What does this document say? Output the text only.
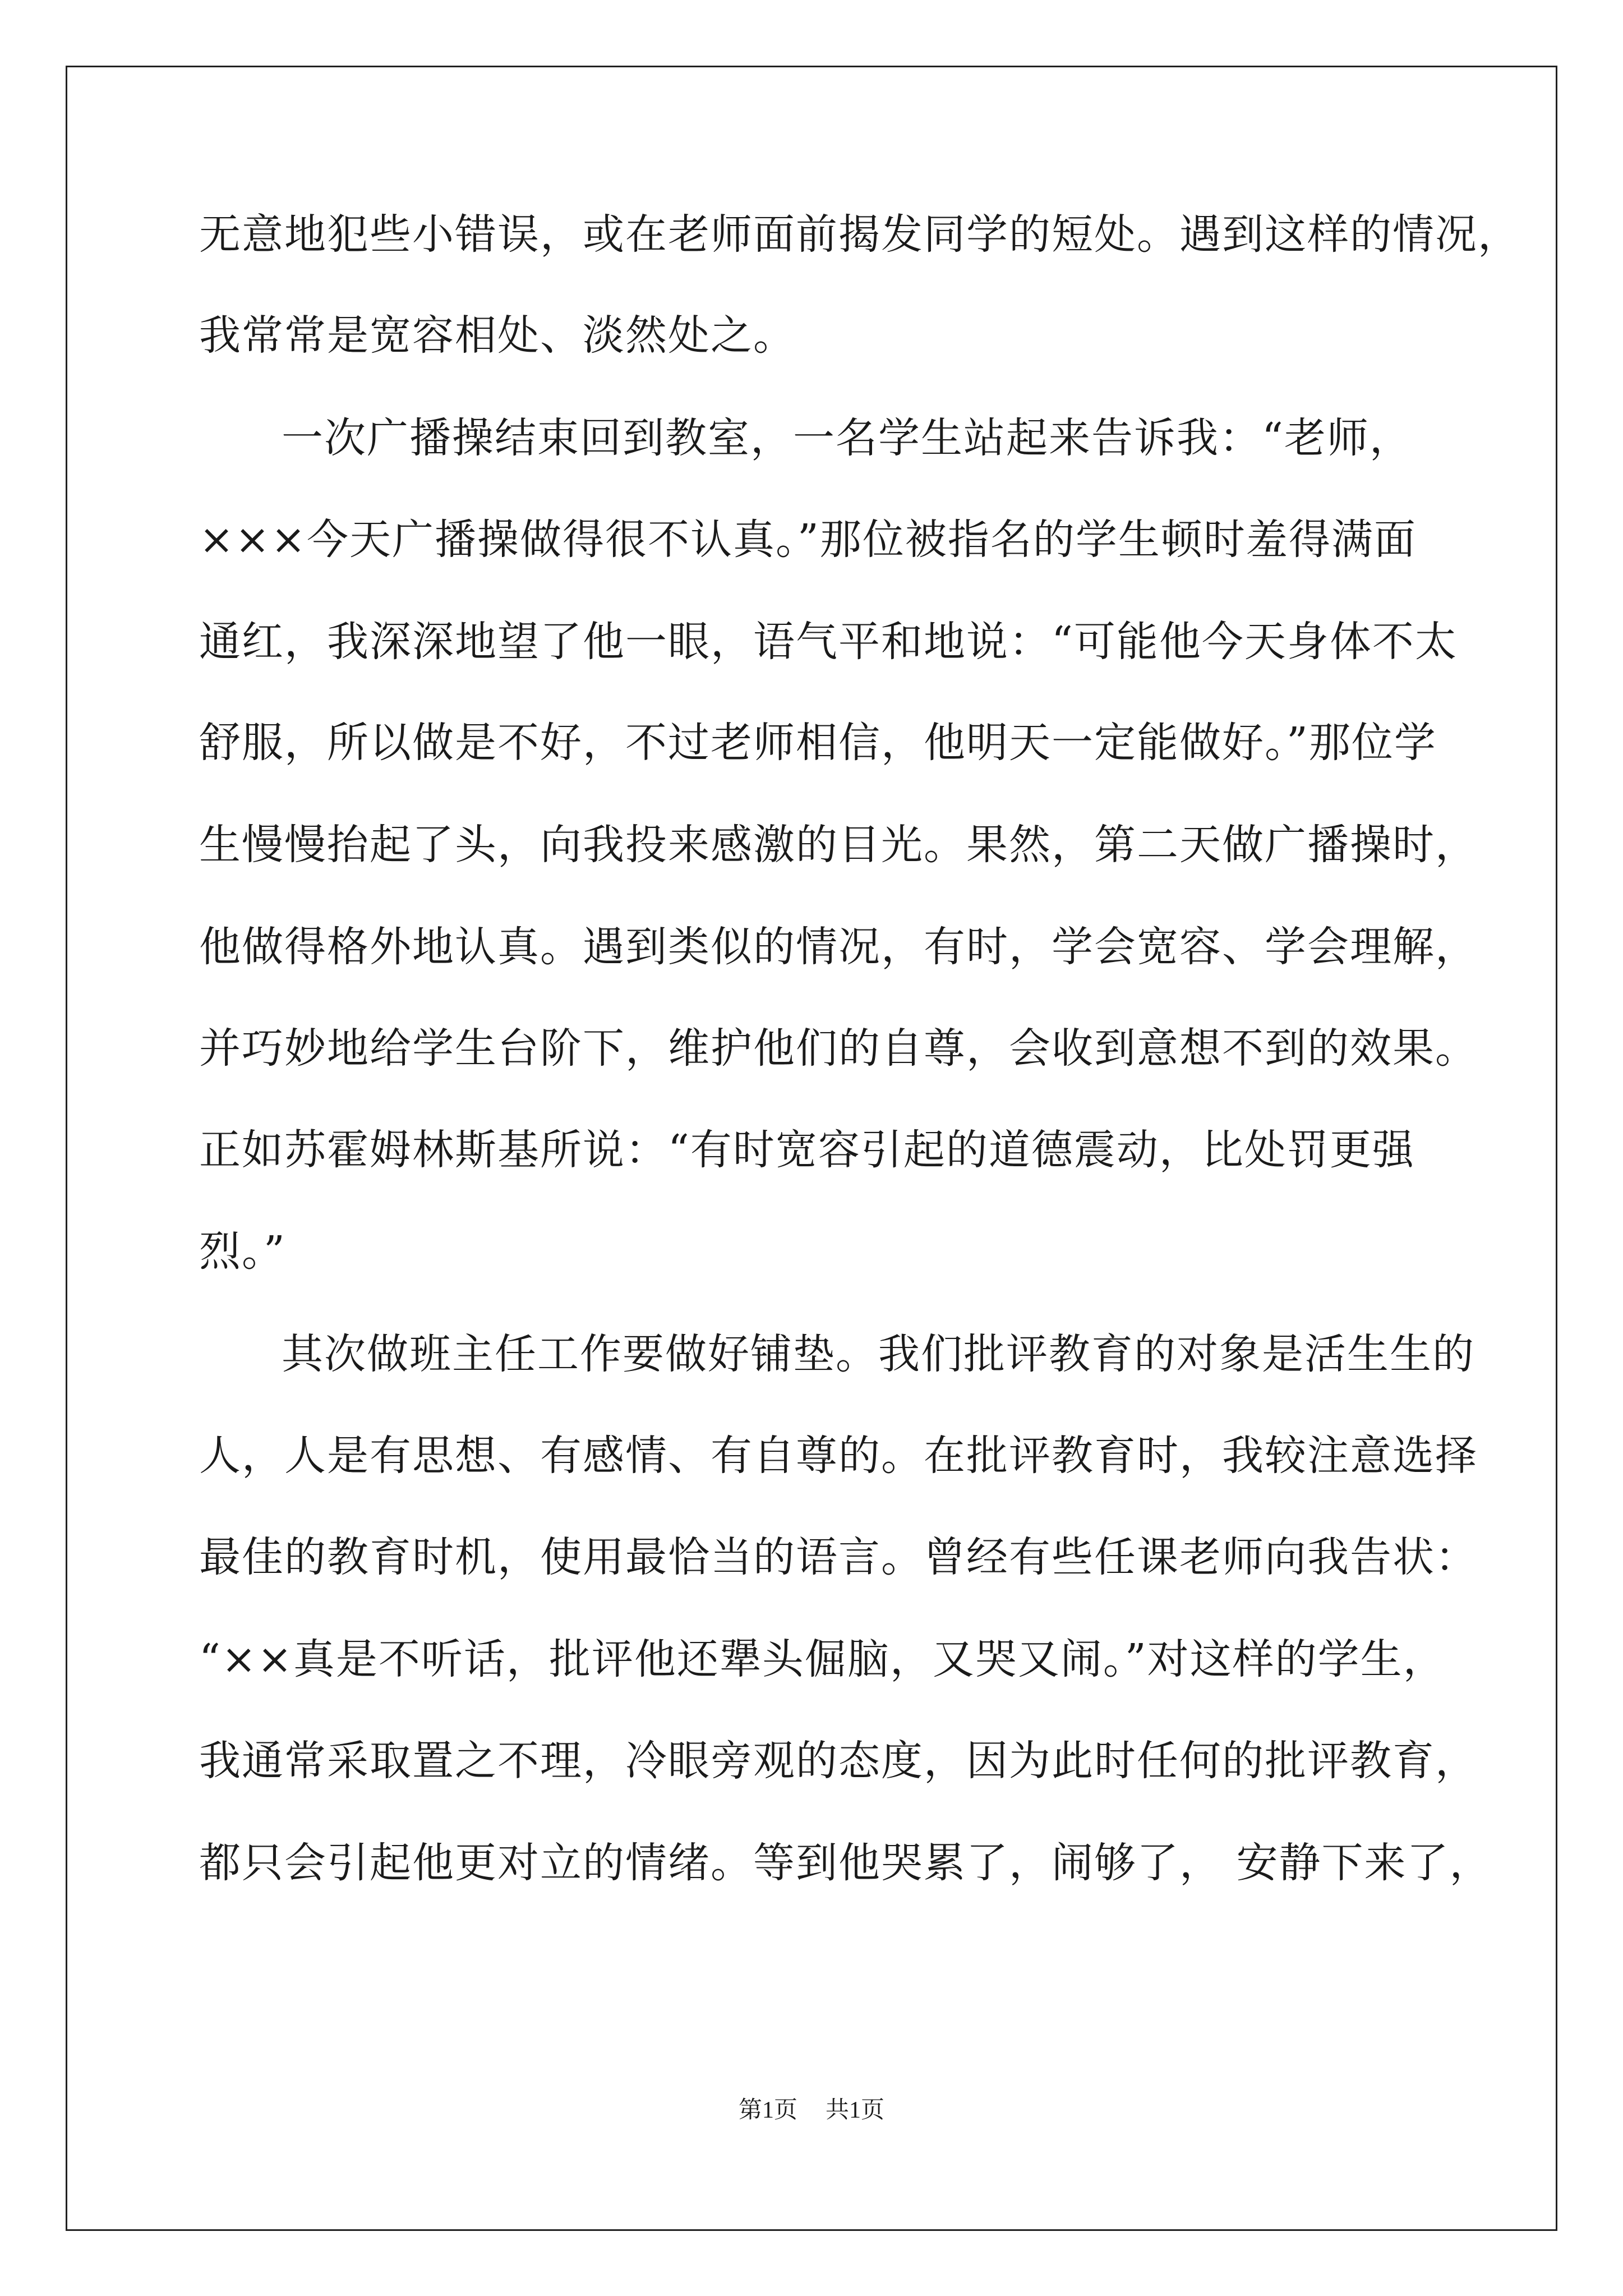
无意地犯些小错误，或在老师面前揭发同学的短处。遇到这样的情况，
我常常是宽容相处、淡然处之。
一次广播操结束回到教室，一名学生站起来告诉我：“老师，
×××今天广播操做得很不认真。”那位被指名的学生顿时羞得满面
通红，我深深地望了他一眼，语气平和地说：“可能他今天身体不太
舒服，所以做是不好，不过老师相信，他明天一定能做好。”那位学
生慢慢抬起了头，向我投来感激的目光。果然，第二天做广播操时，
他做得格外地认真。遇到类似的情况，有时，学会宽容、学会理解，
并巧妙地给学生台阶下，维护他们的自尊，会收到意想不到的效果。
正如苏霍姆林斯基所说：“有时宽容引起的道德震动，比处罚更强
烈。”
其次做班主任工作要做好铺垫。我们批评教育的对象是活生生的
人，人是有思想、有感情、有自尊的。在批评教育时，我较注意选择
最佳的教育时机，使用最恰当的语言。曾经有些任课老师向我告状：
“××真是不听话，批评他还犟头倔脑，又哭又闹。”对这样的学生，
我通常采取置之不理，冷眼旁观的态度，因为此时任何的批评教育，
都只会引起他更对立的情绪。等到他哭累了，闹够了， 安静下来了，
第1页 共1页
